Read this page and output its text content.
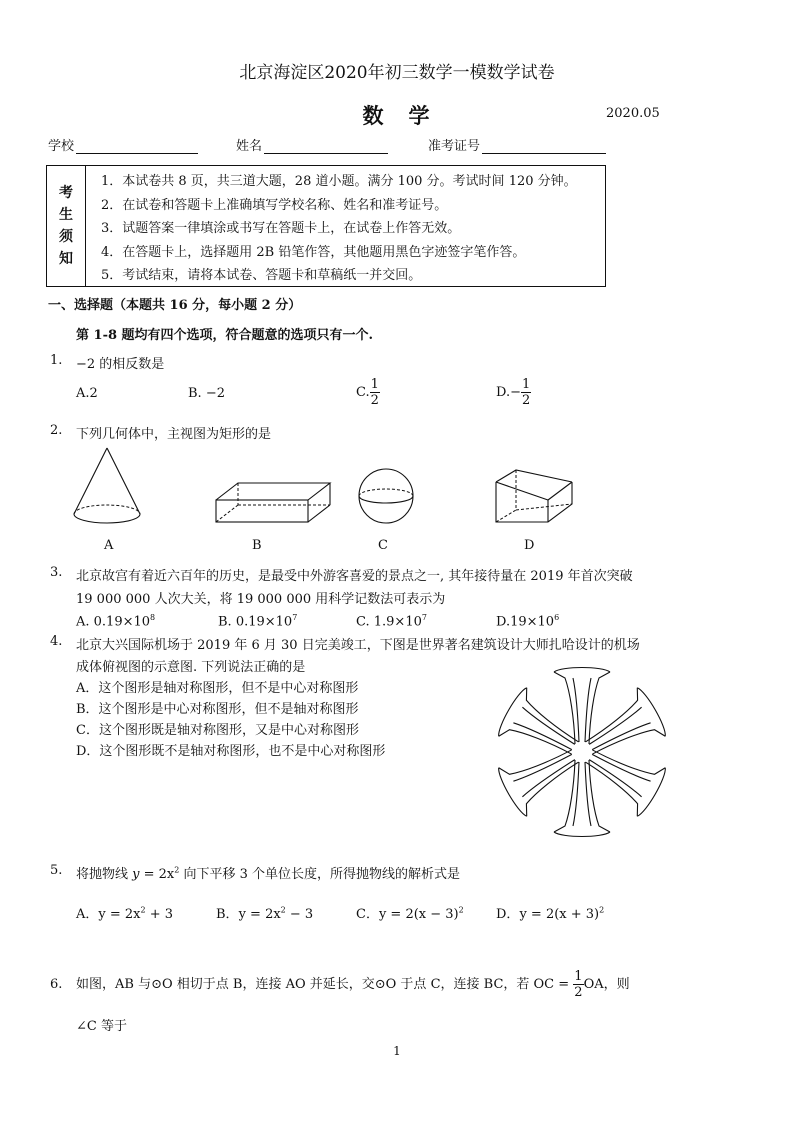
北京海淀区2020年初三数学一模数学试卷
数　学	2020.05
学校	姓名	准考证号
考
生
须
知
1．本试卷共 8 页，共三道大题，28 道小题。满分 100 分。考试时间 120 分钟。
2．在试卷和答题卡上准确填写学校名称、姓名和准考证号。
3．试题答案一律填涂或书写在答题卡上，在试卷上作答无效。
4．在答题卡上，选择题用 2B 铅笔作答，其他题用黑色字迹签字笔作答。
5．考试结束，请将本试卷、答题卡和草稿纸一并交回。
一、选择题（本题共 16 分，每小题 2 分）
第 1-8 题均有四个选项，符合题意的选项只有一个.
1. −2 的相反数是
A.2	B. −2	C. $\frac{1}{2}$	$D.- \frac{1}{2}$
2. 下列几何体中，主视图为矩形的是
A	B	C	D
3. 北京故宫有着近六百年的历史，是最受中外游客喜爱的景点之一, 其年接待量在 2019 年首次突破
19 000 000 人次大关，将 19 000 000 用科学记数法可表示为
A. $0.19\times 10^8$	B. $0.19\times 10^7$	C. $1.9\times 10^7$	$D.19\times 10^6$
4. 北京大兴国际机场于 2019 年 6 月 30 日完美竣工，下图是世界著名建筑设计大师扎哈设计的机场
成体俯视图的示意图. 下列说法正确的是
A．这个图形是轴对称图形，但不是中心对称图形
B．这个图形是中心对称图形，但不是轴对称图形
C．这个图形既是轴对称图形，又是中心对称图形
D．这个图形既不是轴对称图形，也不是中心对称图形
5. 将抛物线 $y = 2x^2$ 向下平移 3 个单位长度，所得抛物线的解析式是
A．$y = 2x^2 + 3$	B．$y = 2x^2 - 3$	C．$y = 2(x - 3)^2$ D．$y = 2(x + 3)^2$
6. 如图，AB 与⊙O 相切于点 B，连接 AO 并延长，交⊙O 于点 C，连接 BC，若 OC = $\frac{1}{2}$ OA，则
∠C 等于
1
